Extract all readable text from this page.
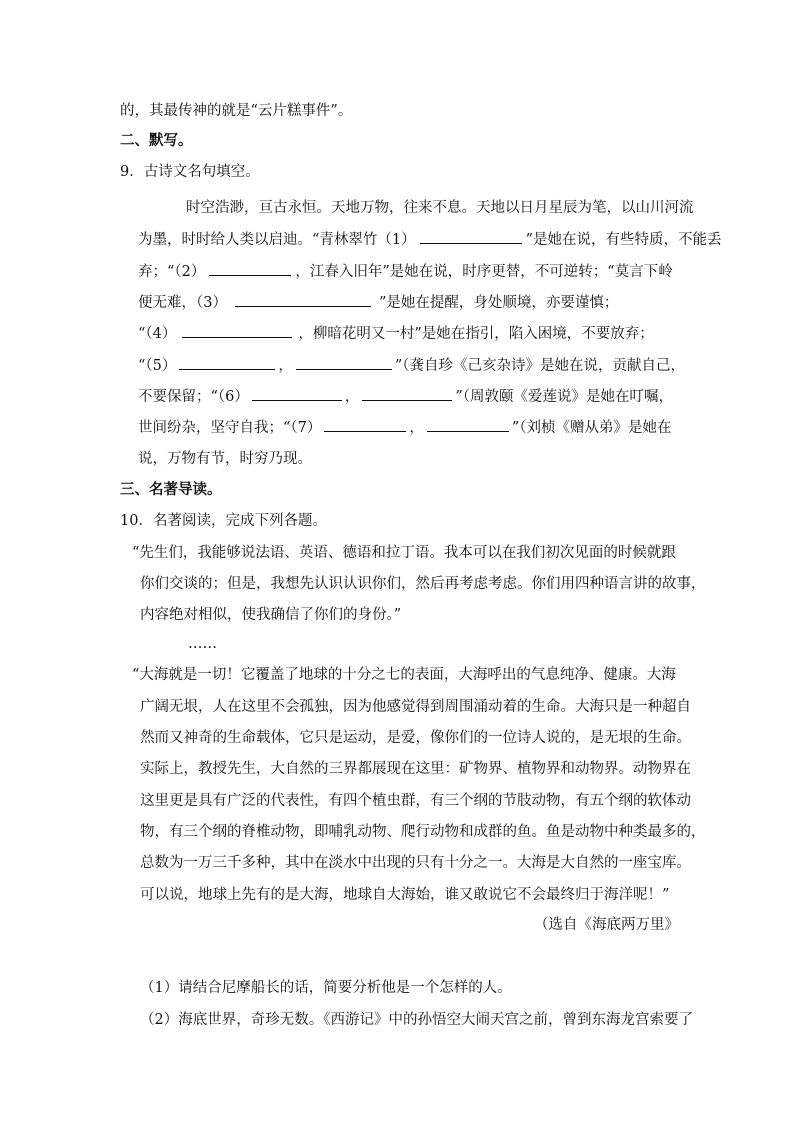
的，其最传神的就是“云片糕事件”。
二、默写。
9．古诗文名句填空。
时空浩渺，亘古永恒。天地万物，往来不息。天地以日月星辰为笔，以山川河流
为墨，时时给人类以启迪。“青林翠竹（1）	”是她在说，有些特质，不能丢
弃；“（2）	，江春入旧年”是她在说，时序更替，不可逆转；“莫言下岭
便无难，（3）	”是她在提醒，身处顺境，亦要谨慎；
“（4）	，柳暗花明又一村”是她在指引，陷入困境，不要放弃；
“（5）	，	”（龚自珍《己亥杂诗》是她在说，贡献自己，
不要保留；“（6）	，	”（周敦颐《爱莲说》是她在叮嘱，
世间纷杂，坚守自我；“（7）	，	”（刘桢《赠从弟》是她在
说，万物有节，时穷乃现。
三、名著导读。
10．名著阅读，完成下列各题。
“先生们，我能够说法语、英语、德语和拉丁语。我本可以在我们初次见面的时候就跟
你们交谈的；但是，我想先认识认识你们，然后再考虑考虑。你们用四种语言讲的故事，
内容绝对相似，使我确信了你们的身份。”
……
“大海就是一切！它覆盖了地球的十分之七的表面，大海呼出的气息纯净、健康。大海
广阔无垠，人在这里不会孤独，因为他感觉得到周围涌动着的生命。大海只是一种超自
然而又神奇的生命载体，它只是运动，是爱，像你们的一位诗人说的，是无垠的生命。
实际上，教授先生，大自然的三界都展现在这里：矿物界、植物界和动物界。动物界在
这里更是具有广泛的代表性，有四个植虫群，有三个纲的节肢动物，有五个纲的软体动
物，有三个纲的脊椎动物，即哺乳动物、爬行动物和成群的鱼。鱼是动物中种类最多的，
总数为一万三千多种，其中在淡水中出现的只有十分之一。大海是大自然的一座宝库。
可以说，地球上先有的是大海，地球自大海始，谁又敢说它不会最终归于海洋呢！”
（选自《海底两万里》
（1）请结合尼摩船长的话，简要分析他是一个怎样的人。
（2）海底世界，奇珍无数。《西游记》中的孙悟空大闹天宫之前，曾到东海龙宫索要了
